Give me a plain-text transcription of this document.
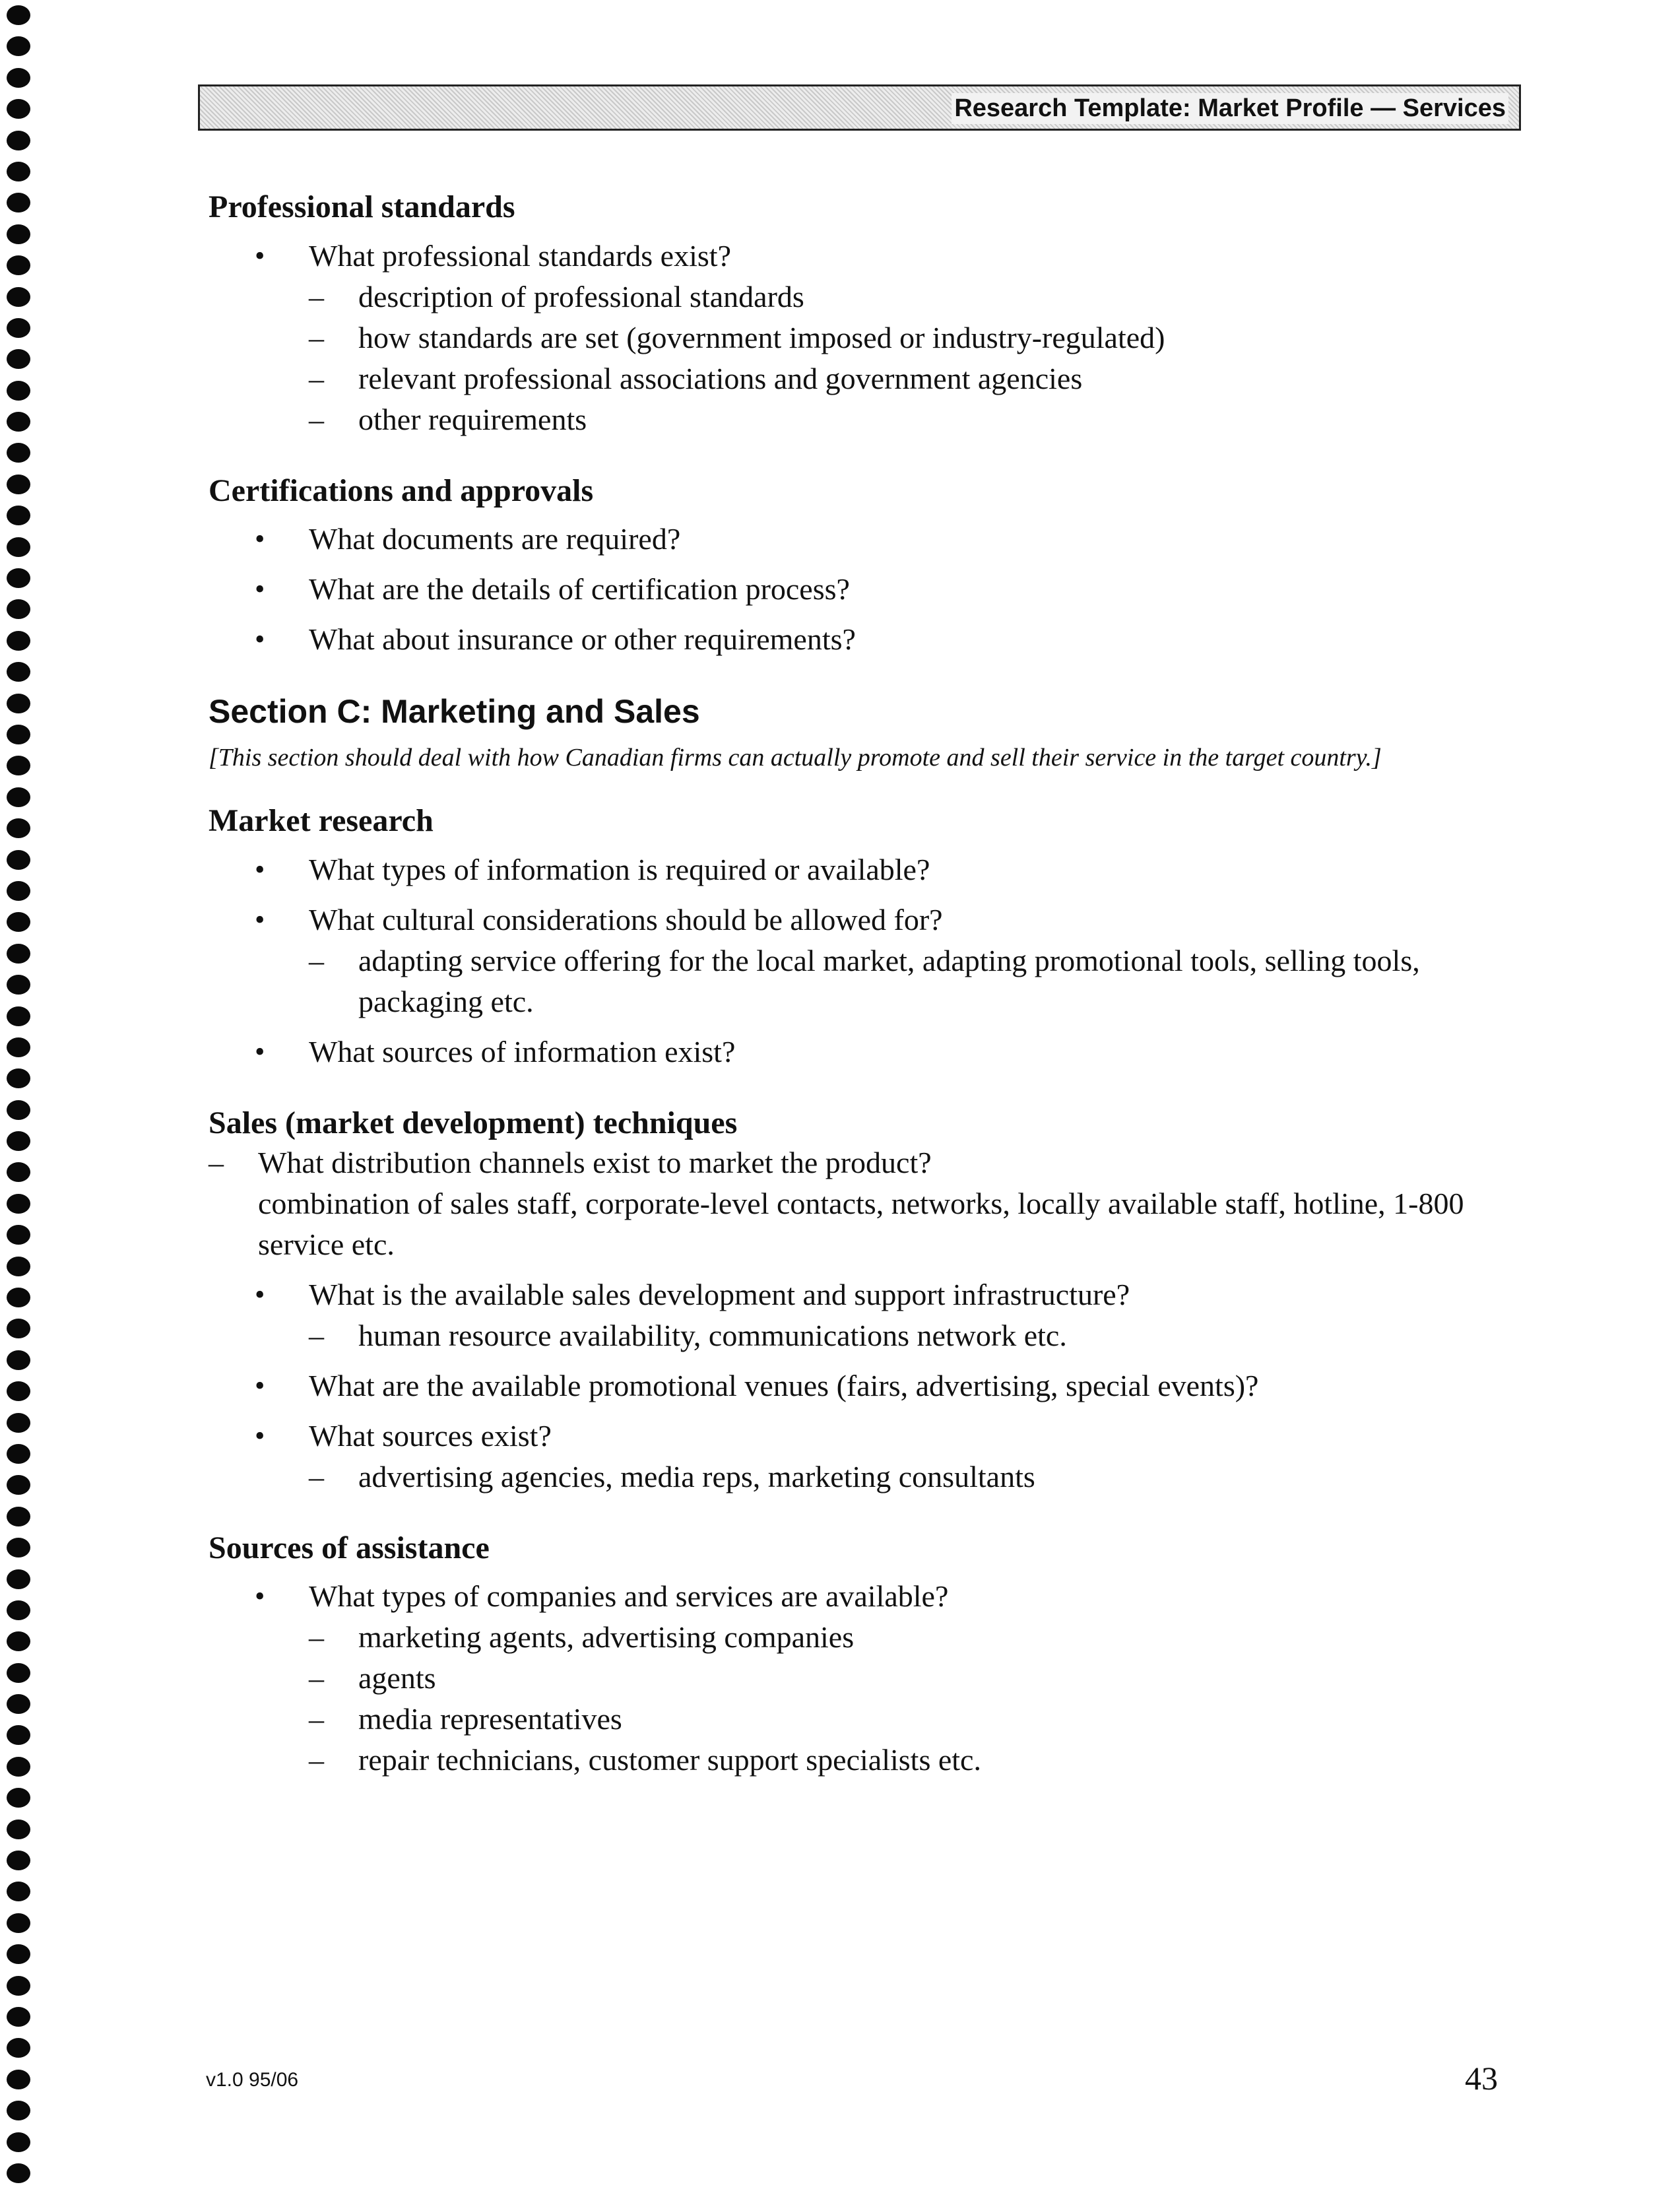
Research Template: Market Profile — Services
Professional standards
• What professional standards exist?
– description of professional standards
– how standards are set (government imposed or industry-regulated)
– relevant professional associations and government agencies
– other requirements
Certifications and approvals
• What documents are required?
• What are the details of certification process?
• What about insurance or other requirements?
Section C: Marketing and Sales

[This section should deal with how Canadian firms can actually promote and sell their service in the target country.]

Market research
• What types of information is required or available?
• What cultural considerations should be allowed for?
– adapting service offering for the local market, adapting promotional tools, selling tools, packaging etc.
• What sources of information exist?
Sales (market development) techniques
– What distribution channels exist to market the product?
combination of sales staff, corporate-level contacts, networks, locally available staff, hotline, 1-800 service etc.
• What is the available sales development and support infrastructure?
– human resource availability, communications network etc.
• What are the available promotional venues (fairs, advertising, special events)?
• What sources exist?
– advertising agencies, media reps, marketing consultants
Sources of assistance
• What types of companies and services are available?
– marketing agents, advertising companies
– agents
– media representatives
– repair technicians, customer support specialists etc.
v1.0 95/06	43
